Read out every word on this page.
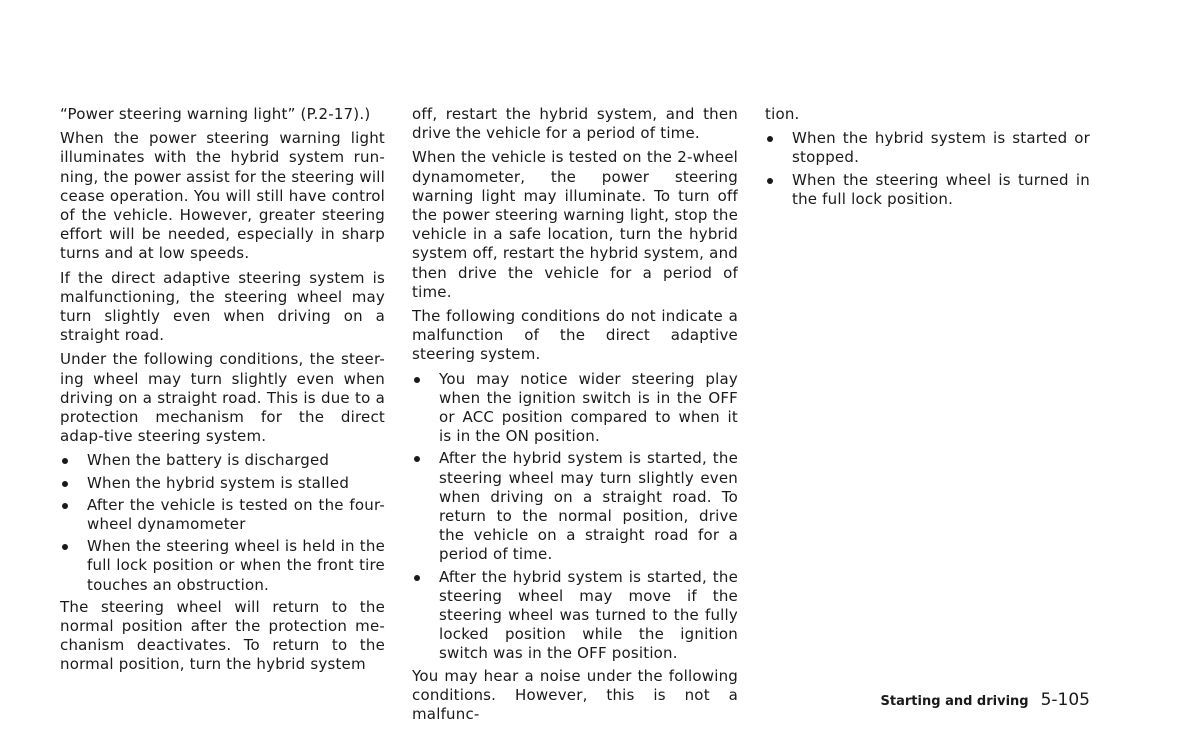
“Power steering warning light” (P.2-17).)

When the power steering warning light illuminates with the hybrid system run-ning, the power assist for the steering will cease operation. You will still have control of the vehicle. However, greater steering effort will be needed, especially in sharp turns and at low speeds.

If the direct adaptive steering system is malfunctioning, the steering wheel may turn slightly even when driving on a straight road.

Under the following conditions, the steer-ing wheel may turn slightly even when driving on a straight road. This is due to a protection mechanism for the direct adap-tive steering system.

When the battery is discharged
When the hybrid system is stalled
After the vehicle is tested on the four-wheel dynamometer
When the steering wheel is held in the full lock position or when the front tire touches an obstruction.

The steering wheel will return to the normal position after the protection me-chanism deactivates. To return to the normal position, turn the hybrid system

off, restart the hybrid system, and then drive the vehicle for a period of time.

When the vehicle is tested on the 2-wheel dynamometer, the power steering warning light may illuminate. To turn off the power steering warning light, stop the vehicle in a safe location, turn the hybrid system off, restart the hybrid system, and then drive the vehicle for a period of time.

The following conditions do not indicate a malfunction of the direct adaptive steering system.

You may notice wider steering play when the ignition switch is in the OFF or ACC position compared to when it is in the ON position.
After the hybrid system is started, the steering wheel may turn slightly even when driving on a straight road. To return to the normal position, drive the vehicle on a straight road for a period of time.
After the hybrid system is started, the steering wheel may move if the steering wheel was turned to the fully locked position while the ignition switch was in the OFF position.

You may hear a noise under the following conditions. However, this is not a malfunc-

tion.

When the hybrid system is started or stopped.
When the steering wheel is turned in the full lock position.
Starting and driving 5-105
